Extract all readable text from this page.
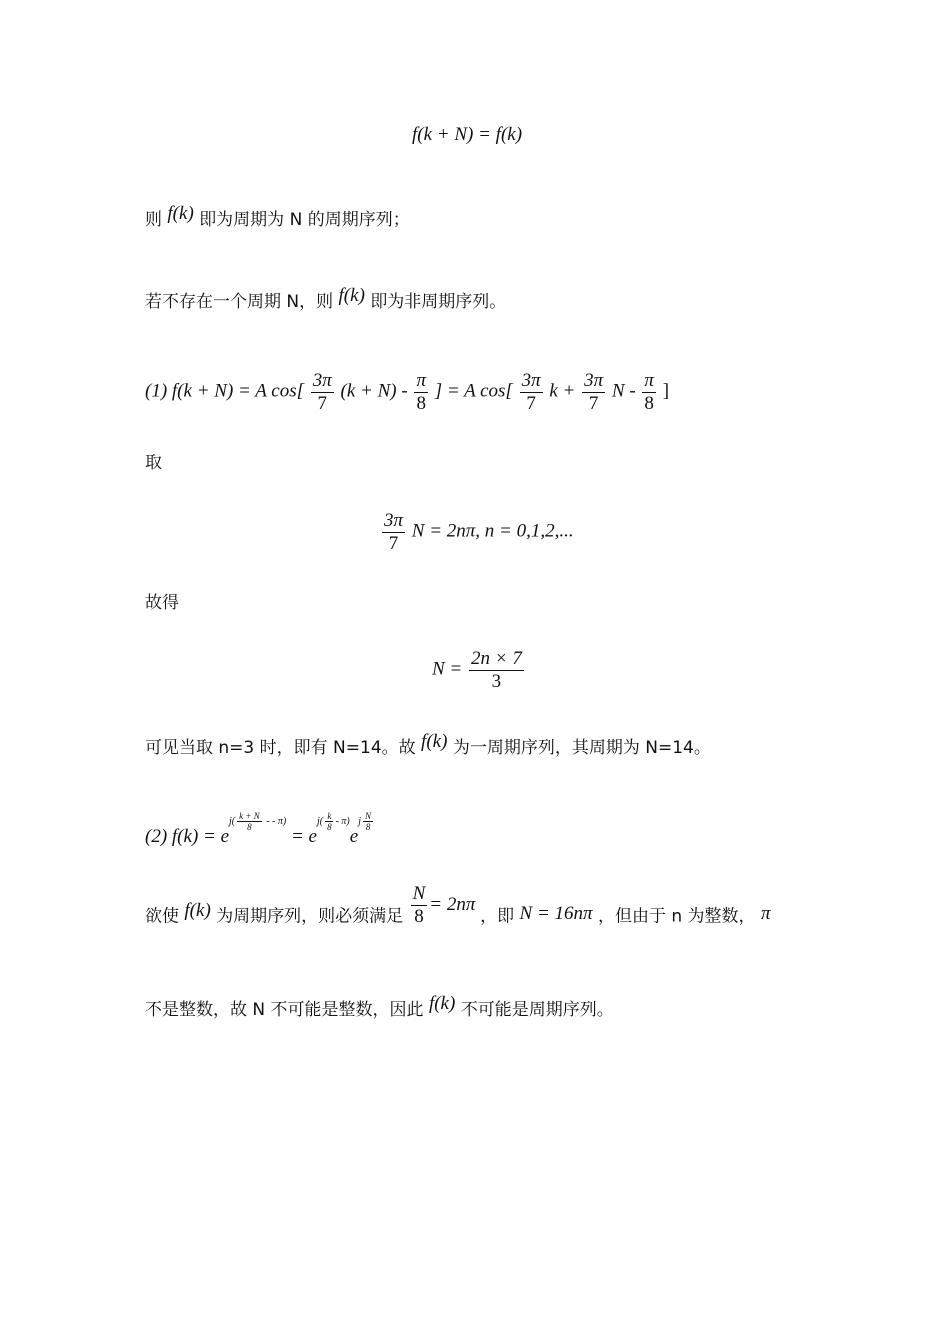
f(k + N) = f(k)
则 f(k) 即为周期为 N 的周期序列；
若不存在一个周期 N，则 f(k) 即为非周期序列。
(1) f(k + N) = A $\cos[ \frac{3\pi}{7} (k + N) - \frac{\pi}{8}$ ] = A $\cos[ \frac{3\pi}{7}$ $k + \frac{3\pi}{7}$ N - $\frac{\pi}{8}$ ]
取
$\frac{3\pi}{7}$ N = 2nπ, n = 0,1,2,...
故得
$N = \frac{2n \times 7}{3}$
可见当取 n=3 时，即有 N=14。故 f(k) 为一周期序列，其周期为 N=14。
(2) $f(k) = e^{j( \frac{k + N}{8} - - \pi)} = e^{j( \frac{k}{8} - \pi)}e^{j \frac{N}{8}}$
欲使 f(k) 为周期序列，则必须满足 $\frac{N}{8} = 2n\pi$ ，即 N = 16nπ ，但由于 n 为整数， π
不是整数，故 N 不可能是整数，因此 f(k) 不可能是周期序列。
